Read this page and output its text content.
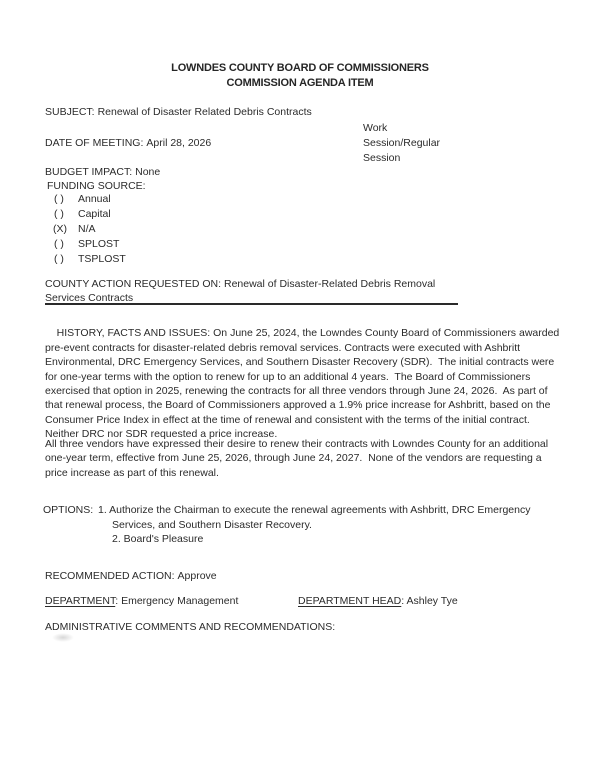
LOWNDES COUNTY BOARD OF COMMISSIONERS
COMMISSION AGENDA ITEM
SUBJECT: Renewal of Disaster Related Debris Contracts
Work
Session/Regular
Session
DATE OF MEETING: April 28, 2026
BUDGET IMPACT: None
FUNDING SOURCE:
( ) Annual
( ) Capital
(X) N/A
( ) SPLOST
( ) TSPLOST
COUNTY ACTION REQUESTED ON: Renewal of Disaster-Related Debris Removal Services Contracts

HISTORY, FACTS AND ISSUES: On June 25, 2024, the Lowndes County Board of Commissioners awarded pre-event contracts for disaster-related debris removal services. Contracts were executed with Ashbritt Environmental, DRC Emergency Services, and Southern Disaster Recovery (SDR).  The initial contracts were for one-year terms with the option to renew for up to an additional 4 years.  The Board of Commissioners exercised that option in 2025, renewing the contracts for all three vendors through June 24, 2026.  As part of that renewal process, the Board of Commissioners approved a 1.9% price increase for Ashbritt, based on the Consumer Price Index in effect at the time of renewal and consistent with the terms of the initial contract.  Neither DRC nor SDR requested a price increase.

All three vendors have expressed their desire to renew their contracts with Lowndes County for an additional one-year term, effective from June 25, 2026, through June 24, 2027.  None of the vendors are requesting a price increase as part of this renewal.
OPTIONS: 1. Authorize the Chairman to execute the renewal agreements with Ashbritt, DRC Emergency Services, and Southern Disaster Recovery.
2. Board's Pleasure
RECOMMENDED ACTION: Approve
DEPARTMENT: Emergency Management	DEPARTMENT HEAD: Ashley Tye
ADMINISTRATIVE COMMENTS AND RECOMMENDATIONS:
